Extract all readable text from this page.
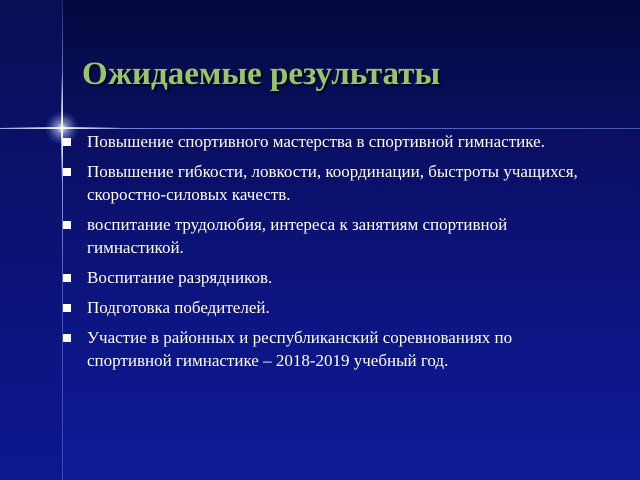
Ожидаемые результаты
Повышение спортивного мастерства в спортивной гимнастике.
Повышение гибкости, ловкости, координации, быстроты учащихся, скоростно-силовых качеств.
воспитание трудолюбия, интереса к занятиям спортивной гимнастикой.
Воспитание разрядников.
Подготовка победителей.
Участие в районных и республиканский соревнованиях по спортивной гимнастике – 2018-2019 учебный год.
